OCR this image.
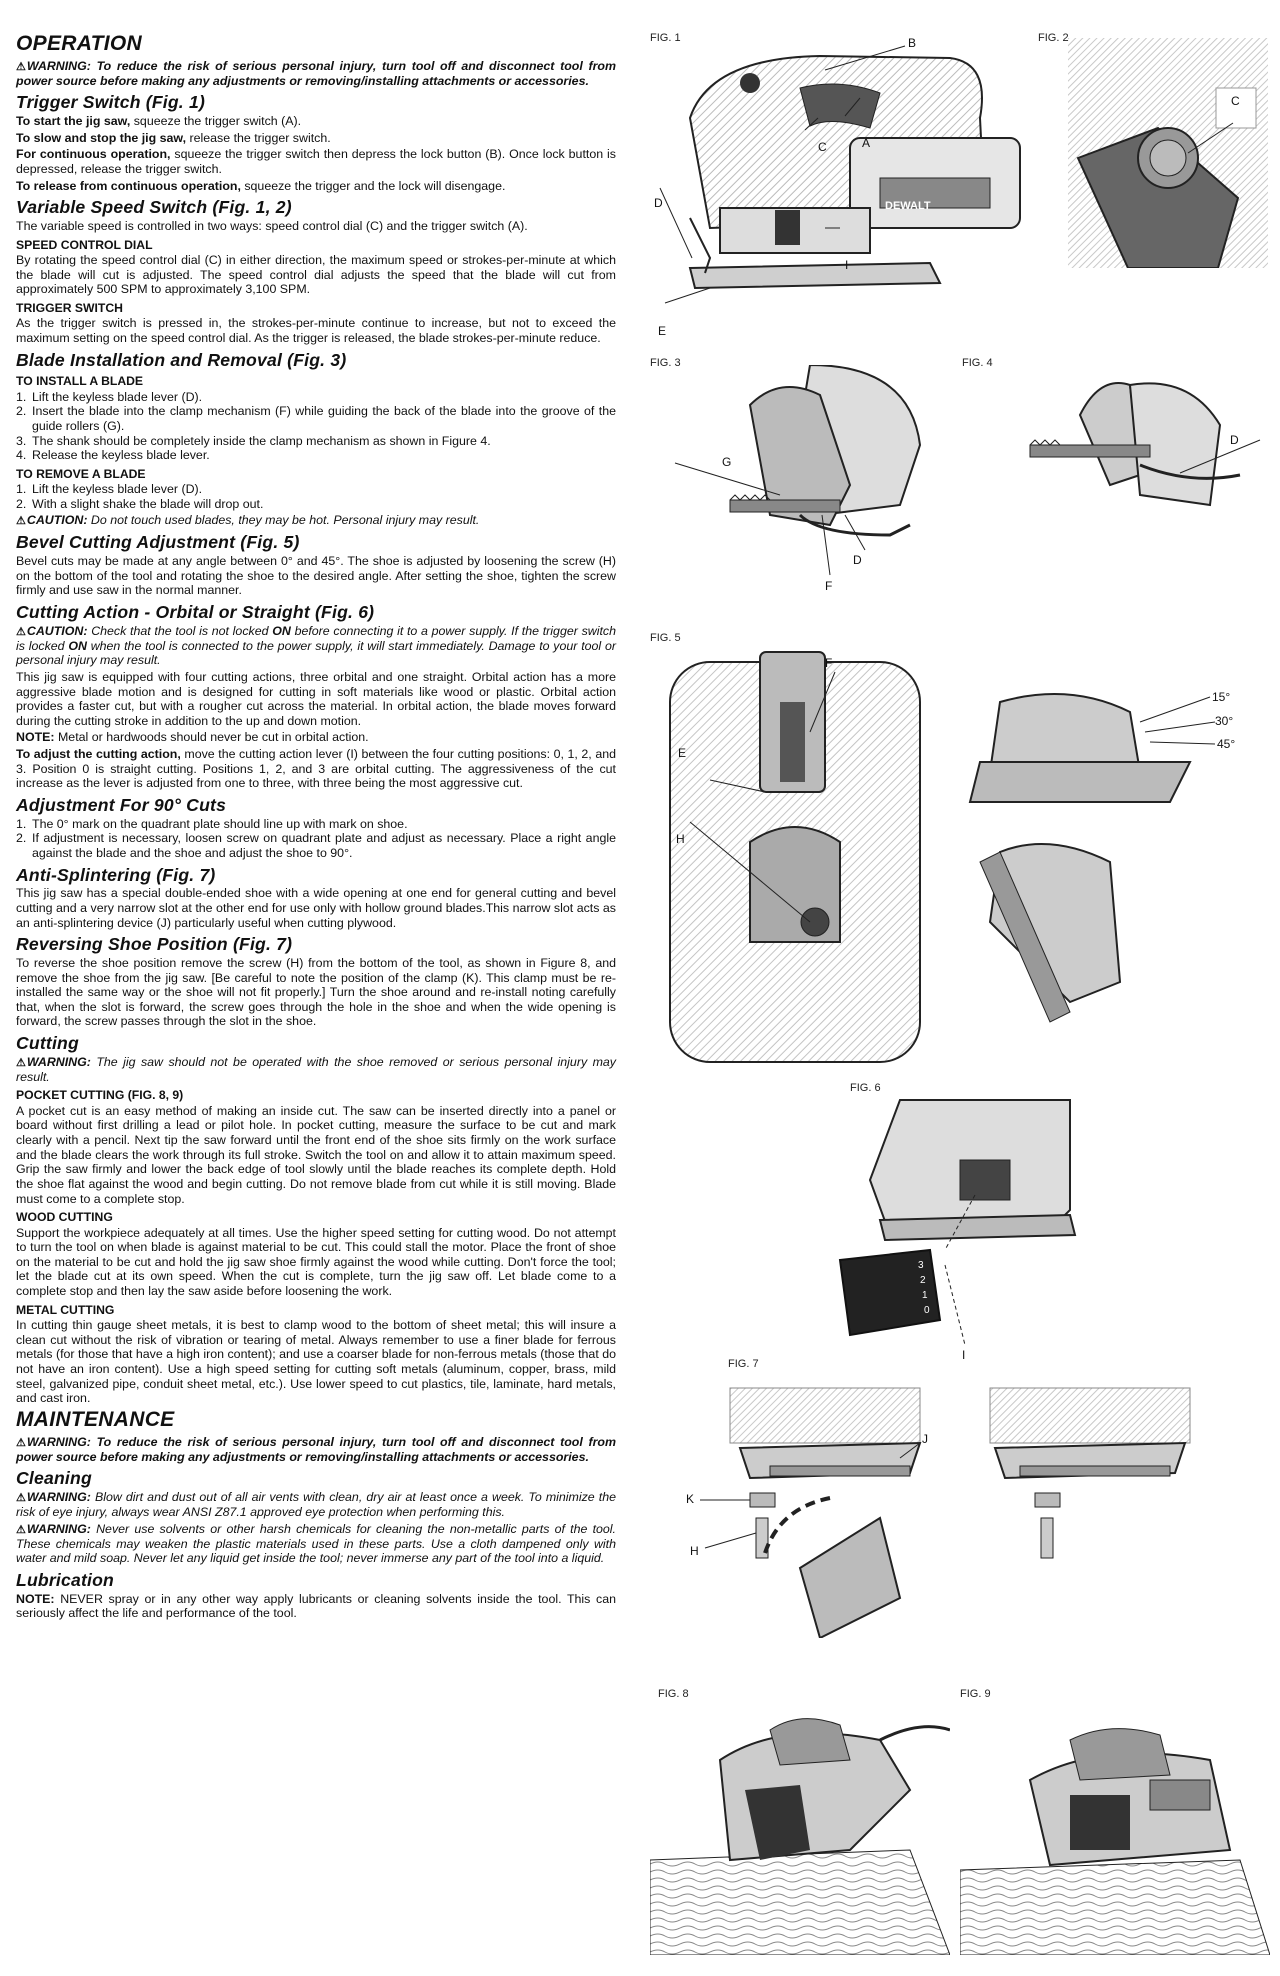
OPERATION
⚠WARNING: To reduce the risk of serious personal injury, turn tool off and disconnect tool from power source before making any adjustments or removing/installing attachments or accessories.
Trigger Switch (Fig. 1)
To start the jig saw, squeeze the trigger switch (A).
To slow and stop the jig saw, release the trigger switch.
For continuous operation, squeeze the trigger switch then depress the lock button (B). Once lock button is depressed, release the trigger switch.
To release from continuous operation, squeeze the trigger and the lock will disengage.
Variable Speed Switch (Fig. 1, 2)
The variable speed is controlled in two ways: speed control dial (C) and the trigger switch (A).
SPEED CONTROL DIAL
By rotating the speed control dial (C) in either direction, the maximum speed or strokes-per-minute at which the blade will cut is adjusted. The speed control dial adjusts the speed that the blade will cut from approximately 500 SPM to approximately 3,100 SPM.
TRIGGER SWITCH
As the trigger switch is pressed in, the strokes-per-minute continue to increase, but not to exceed the maximum setting on the speed control dial. As the trigger is released, the blade strokes-per-minute reduce.
Blade Installation and Removal (Fig. 3)
TO INSTALL A BLADE
1. Lift the keyless blade lever (D).
2. Insert the blade into the clamp mechanism (F) while guiding the back of the blade into the groove of the guide rollers (G).
3. The shank should be completely inside the clamp mechanism as shown in Figure 4.
4. Release the keyless blade lever.
TO REMOVE A BLADE
1. Lift the keyless blade lever (D).
2. With a slight shake the blade will drop out.
⚠CAUTION: Do not touch used blades, they may be hot. Personal injury may result.
Bevel Cutting Adjustment (Fig. 5)
Bevel cuts may be made at any angle between 0° and 45°. The shoe is adjusted by loosening the screw (H) on the bottom of the tool and rotating the shoe to the desired angle. After setting the shoe, tighten the screw firmly and use saw in the normal manner.
Cutting Action - Orbital or Straight (Fig. 6)
⚠CAUTION: Check that the tool is not locked ON before connecting it to a power supply. If the trigger switch is locked ON when the tool is connected to the power supply, it will start immediately. Damage to your tool or personal injury may result.
This jig saw is equipped with four cutting actions, three orbital and one straight. Orbital action has a more aggressive blade motion and is designed for cutting in soft materials like wood or plastic. Orbital action provides a faster cut, but with a rougher cut across the material. In orbital action, the blade moves forward during the cutting stroke in addition to the up and down motion.
NOTE: Metal or hardwoods should never be cut in orbital action.
To adjust the cutting action, move the cutting action lever (I) between the four cutting positions: 0, 1, 2, and 3. Position 0 is straight cutting. Positions 1, 2, and 3 are orbital cutting. The aggressiveness of the cut increase as the lever is adjusted from one to three, with three being the most aggressive cut.
Adjustment For 90° Cuts
1. The 0° mark on the quadrant plate should line up with mark on shoe.
2. If adjustment is necessary, loosen screw on quadrant plate and adjust as necessary. Place a right angle against the blade and the shoe and adjust the shoe to 90°.
Anti-Splintering (Fig. 7)
This jig saw has a special double-ended shoe with a wide opening at one end for general cutting and bevel cutting and a very narrow slot at the other end for use only with hollow ground blades.This narrow slot acts as an anti-splintering device (J) particularly useful when cutting plywood.
Reversing Shoe Position (Fig. 7)
To reverse the shoe position remove the screw (H) from the bottom of the tool, as shown in Figure 8, and remove the shoe from the jig saw. [Be careful to note the position of the clamp (K). This clamp must be re-installed the same way or the shoe will not fit properly.] Turn the shoe around and re-install noting carefully that, when the slot is forward, the screw goes through the hole in the shoe and when the wide opening is forward, the screw passes through the slot in the shoe.
Cutting
⚠WARNING: The jig saw should not be operated with the shoe removed or serious personal injury may result.
POCKET CUTTING (FIG. 8, 9)
A pocket cut is an easy method of making an inside cut. The saw can be inserted directly into a panel or board without first drilling a lead or pilot hole. In pocket cutting, measure the surface to be cut and mark clearly with a pencil. Next tip the saw forward until the front end of the shoe sits firmly on the work surface and the blade clears the work through its full stroke. Switch the tool on and allow it to attain maximum speed. Grip the saw firmly and lower the back edge of tool slowly until the blade reaches its complete depth. Hold the shoe flat against the wood and begin cutting. Do not remove blade from cut while it is still moving. Blade must come to a complete stop.
WOOD CUTTING
Support the workpiece adequately at all times. Use the higher speed setting for cutting wood. Do not attempt to turn the tool on when blade is against material to be cut. This could stall the motor. Place the front of shoe on the material to be cut and hold the jig saw shoe firmly against the wood while cutting. Don't force the tool; let the blade cut at its own speed. When the cut is complete, turn the jig saw off. Let blade come to a complete stop and then lay the saw aside before loosening the work.
METAL CUTTING
In cutting thin gauge sheet metals, it is best to clamp wood to the bottom of sheet metal; this will insure a clean cut without the risk of vibration or tearing of metal. Always remember to use a finer blade for ferrous metals (for those that have a high iron content); and use a coarser blade for non-ferrous metals (those that do not have an iron content). Use a high speed setting for cutting soft metals (aluminum, copper, brass, mild steel, galvanized pipe, conduit sheet metal, etc.). Use lower speed to cut plastics, tile, laminate, hard metals, and cast iron.
MAINTENANCE
⚠WARNING: To reduce the risk of serious personal injury, turn tool off and disconnect tool from power source before making any adjustments or removing/installing attachments or accessories.
Cleaning
⚠WARNING: Blow dirt and dust out of all air vents with clean, dry air at least once a week. To minimize the risk of eye injury, always wear ANSI Z87.1 approved eye protection when performing this.
⚠WARNING: Never use solvents or other harsh chemicals for cleaning the non-metallic parts of the tool. These chemicals may weaken the plastic materials used in these parts. Use a cloth dampened only with water and mild soap. Never let any liquid get inside the tool; never immerse any part of the tool into a liquid.
Lubrication
NOTE: NEVER spray or in any other way apply lubricants or cleaning solvents inside the tool. This can seriously affect the life and performance of the tool.
FIG. 1	B
A
C
D
E
I
DEWALT
FIG. 2
C
FIG. 3
G
D
F
FIG. 4
D
FIG. 5
E
H
F
15°
30°
45°
FIG. 6
3
2
1
0
I
FIG. 7
J
K
H
FIG. 8	FIG. 9
